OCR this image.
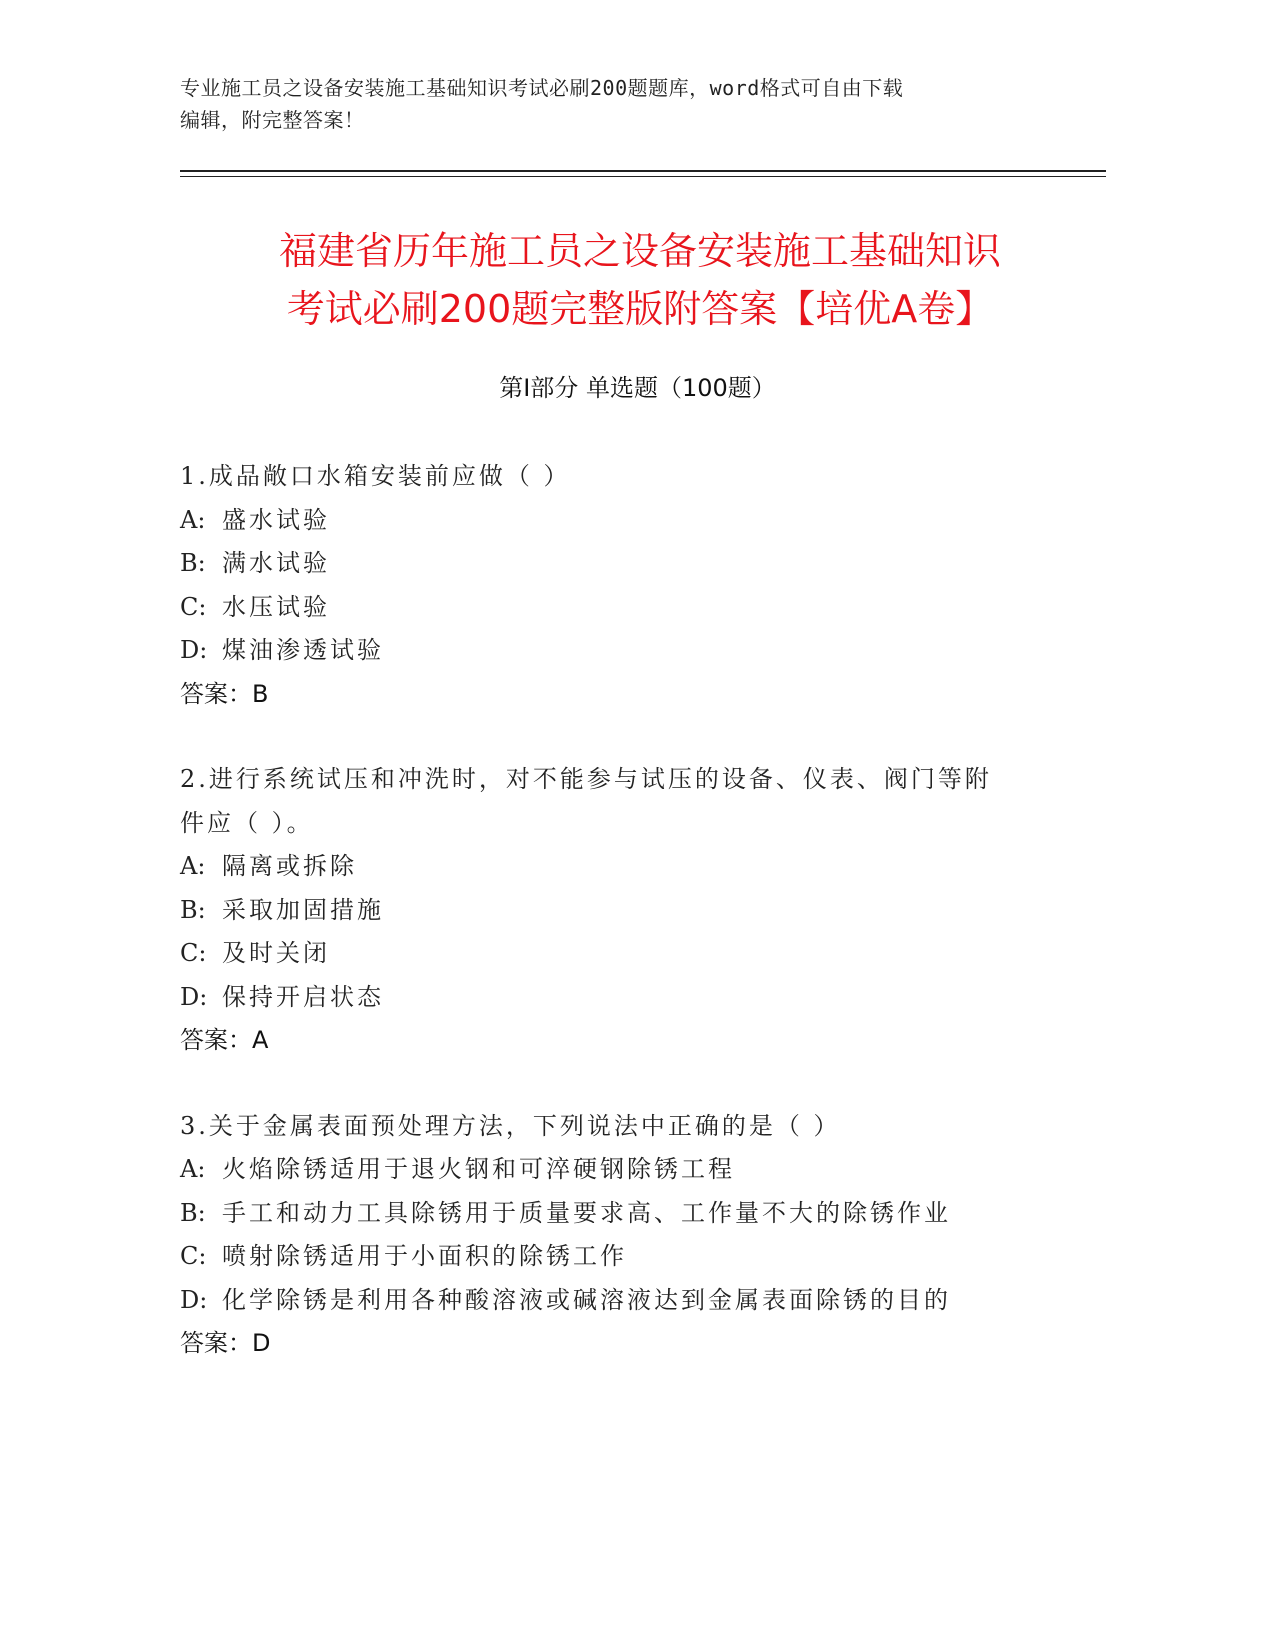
专业施工员之设备安装施工基础知识考试必刷200题题库，word格式可自由下载
编辑，附完整答案！
福建省历年施工员之设备安装施工基础知识
考试必刷200题完整版附答案【培优A卷】
第Ⅰ部分 单选题（100题）
1.成品敞口水箱安装前应做（ ）
A: 盛水试验
B: 满水试验
C: 水压试验
D: 煤油渗透试验
答案：B
2.进行系统试压和冲洗时，对不能参与试压的设备、仪表、阀门等附
件应（ ）。
A: 隔离或拆除
B: 采取加固措施
C: 及时关闭
D: 保持开启状态
答案：A
3.关于金属表面预处理方法，下列说法中正确的是（ ）
A: 火焰除锈适用于退火钢和可淬硬钢除锈工程
B: 手工和动力工具除锈用于质量要求高、工作量不大的除锈作业
C: 喷射除锈适用于小面积的除锈工作
D: 化学除锈是利用各种酸溶液或碱溶液达到金属表面除锈的目的
答案：D
